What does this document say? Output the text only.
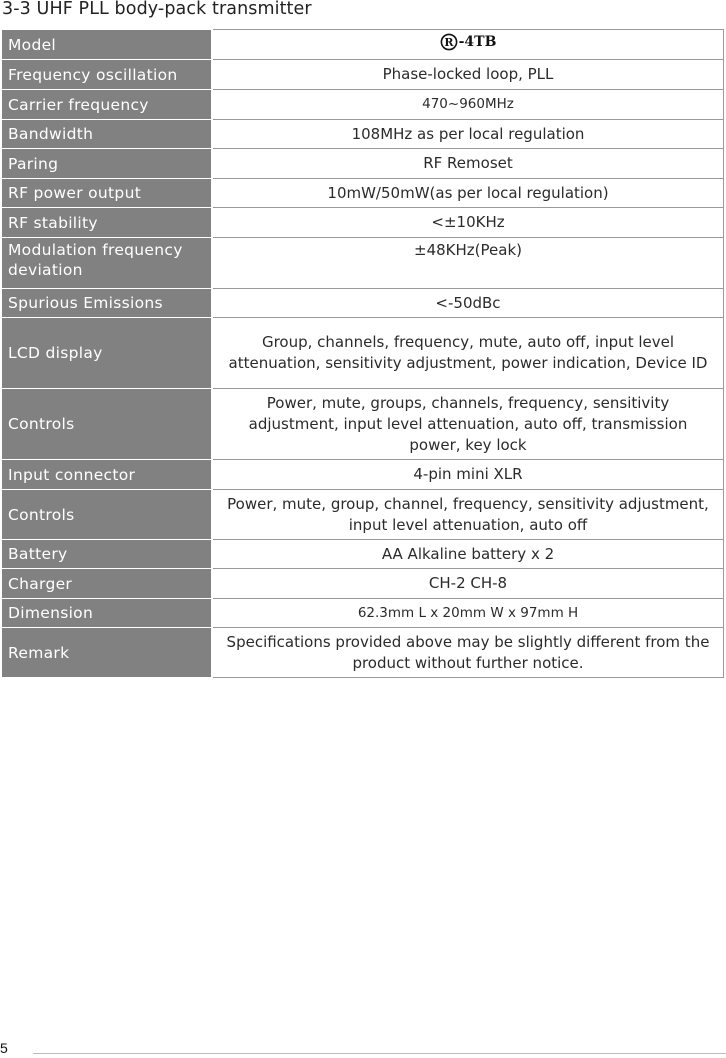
3-3 UHF PLL body-pack transmitter
Model	R -4TB

Frequency oscillation	Phase-locked loop, PLL
Carrier frequency	470~960MHz
Bandwidth	108MHz as per local regulation
Paring	RF Remoset
RF power output	10mW/50mW(as per local regulation)
RF stability	<±10KHz
Modulation frequency deviation	±48KHz(Peak)
Spurious Emissions	<-50dBc
LCD display	Group, channels, frequency, mute, auto off, input level attenuation, sensitivity adjustment, power indication, Device ID
Controls	Power, mute, groups, channels, frequency, sensitivity adjustment, input level attenuation, auto off, transmission power, key lock
Input connector	4-pin mini XLR
Controls	Power, mute, group, channel, frequency, sensitivity adjustment, input level attenuation, auto off
Battery	AA Alkaline battery x 2
Charger	CH-2 CH-8
Dimension	62.3mm L x 20mm W x 97mm H
Remark	Specifications provided above may be slightly different from the product without further notice.
5
